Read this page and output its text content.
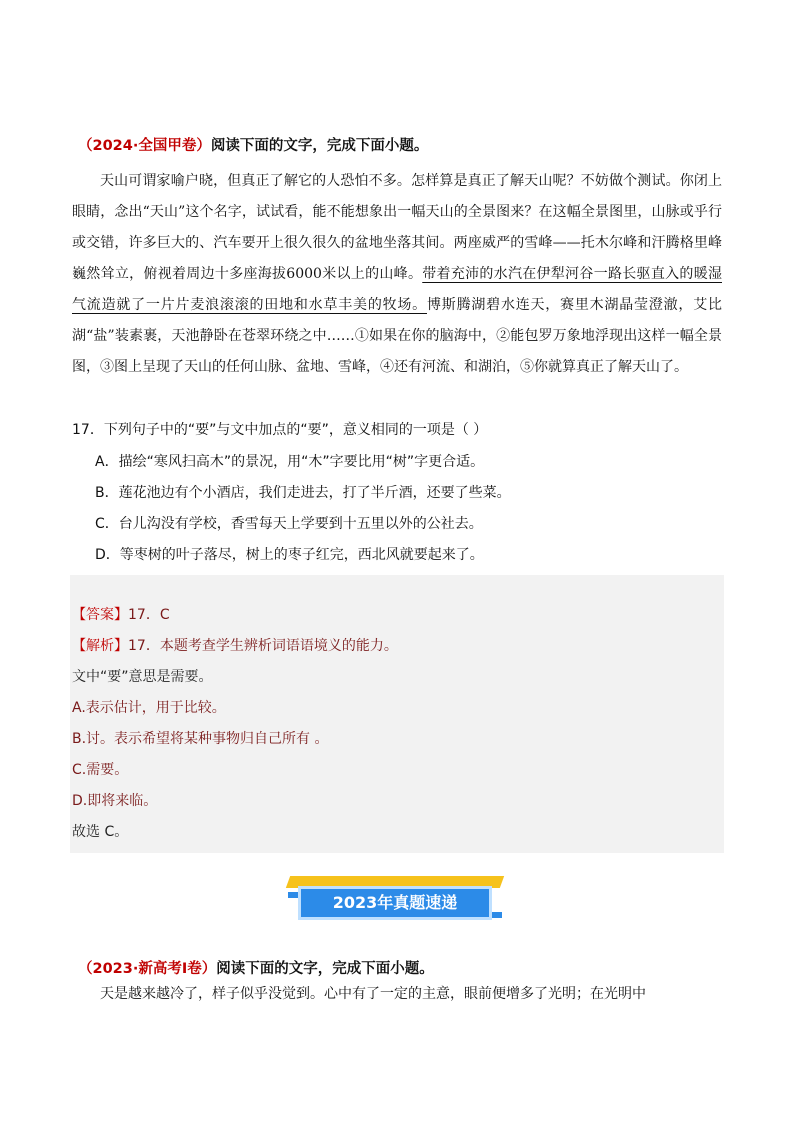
（2024·全国甲卷）阅读下面的文字，完成下面小题。

天山可谓家喻户晓，但真正了解它的人恐怕不多。怎样算是真正了解天山呢？不妨做个测试。你闭上眼睛，念出“天山”这个名字，试试看，能不能想象出一幅天山的全景图来？在这幅全景图里，山脉或乎行或交错，许多巨大的、汽车要开上很久很久的盆地坐落其间。两座威严的雪峰——托木尔峰和汗腾格里峰巍然耸立，俯视着周边十多座海拔6000米以上的山峰。带着充沛的水汽在伊犁河谷一路长驱直入的暖湿气流造就了一片片麦浪滚滚的田地和水草丰美的牧场。博斯腾湖碧水连天，赛里木湖晶莹澄澈，艾比湖“盐”装素裹，天池静卧在苍翠环绕之中……①如果在你的脑海中，②能包罗万象地浮现出这样一幅全景图，③图上呈现了天山的任何山脉、盆地、雪峰，④还有河流、和湖泊，⑤你就算真正了解天山了。

17．下列句子中的“要”与文中加点的“要”，意义相同的一项是（ ）
A．描绘“寒风扫高木”的景况，用“木”字要比用“树”字更合适。
B．莲花池边有个小酒店，我们走进去，打了半斤酒，还要了些菜。
C．台儿沟没有学校，香雪每天上学要到十五里以外的公社去。
D．等枣树的叶子落尽，树上的枣子红完，西北风就要起来了。
【答案】17．C
【解析】17．本题考查学生辨析词语语境义的能力。
文中“要”意思是需要。
A.表示估计，用于比较。
B.讨。表示希望将某种事物归自己所有 。
C.需要。
D.即将来临。
故选 C。
2023年真题速递
（2023·新高考Ⅰ卷）阅读下面的文字，完成下面小题。
天是越来越冷了，样子似乎没觉到。心中有了一定的主意，眼前便增多了光明；在光明中
